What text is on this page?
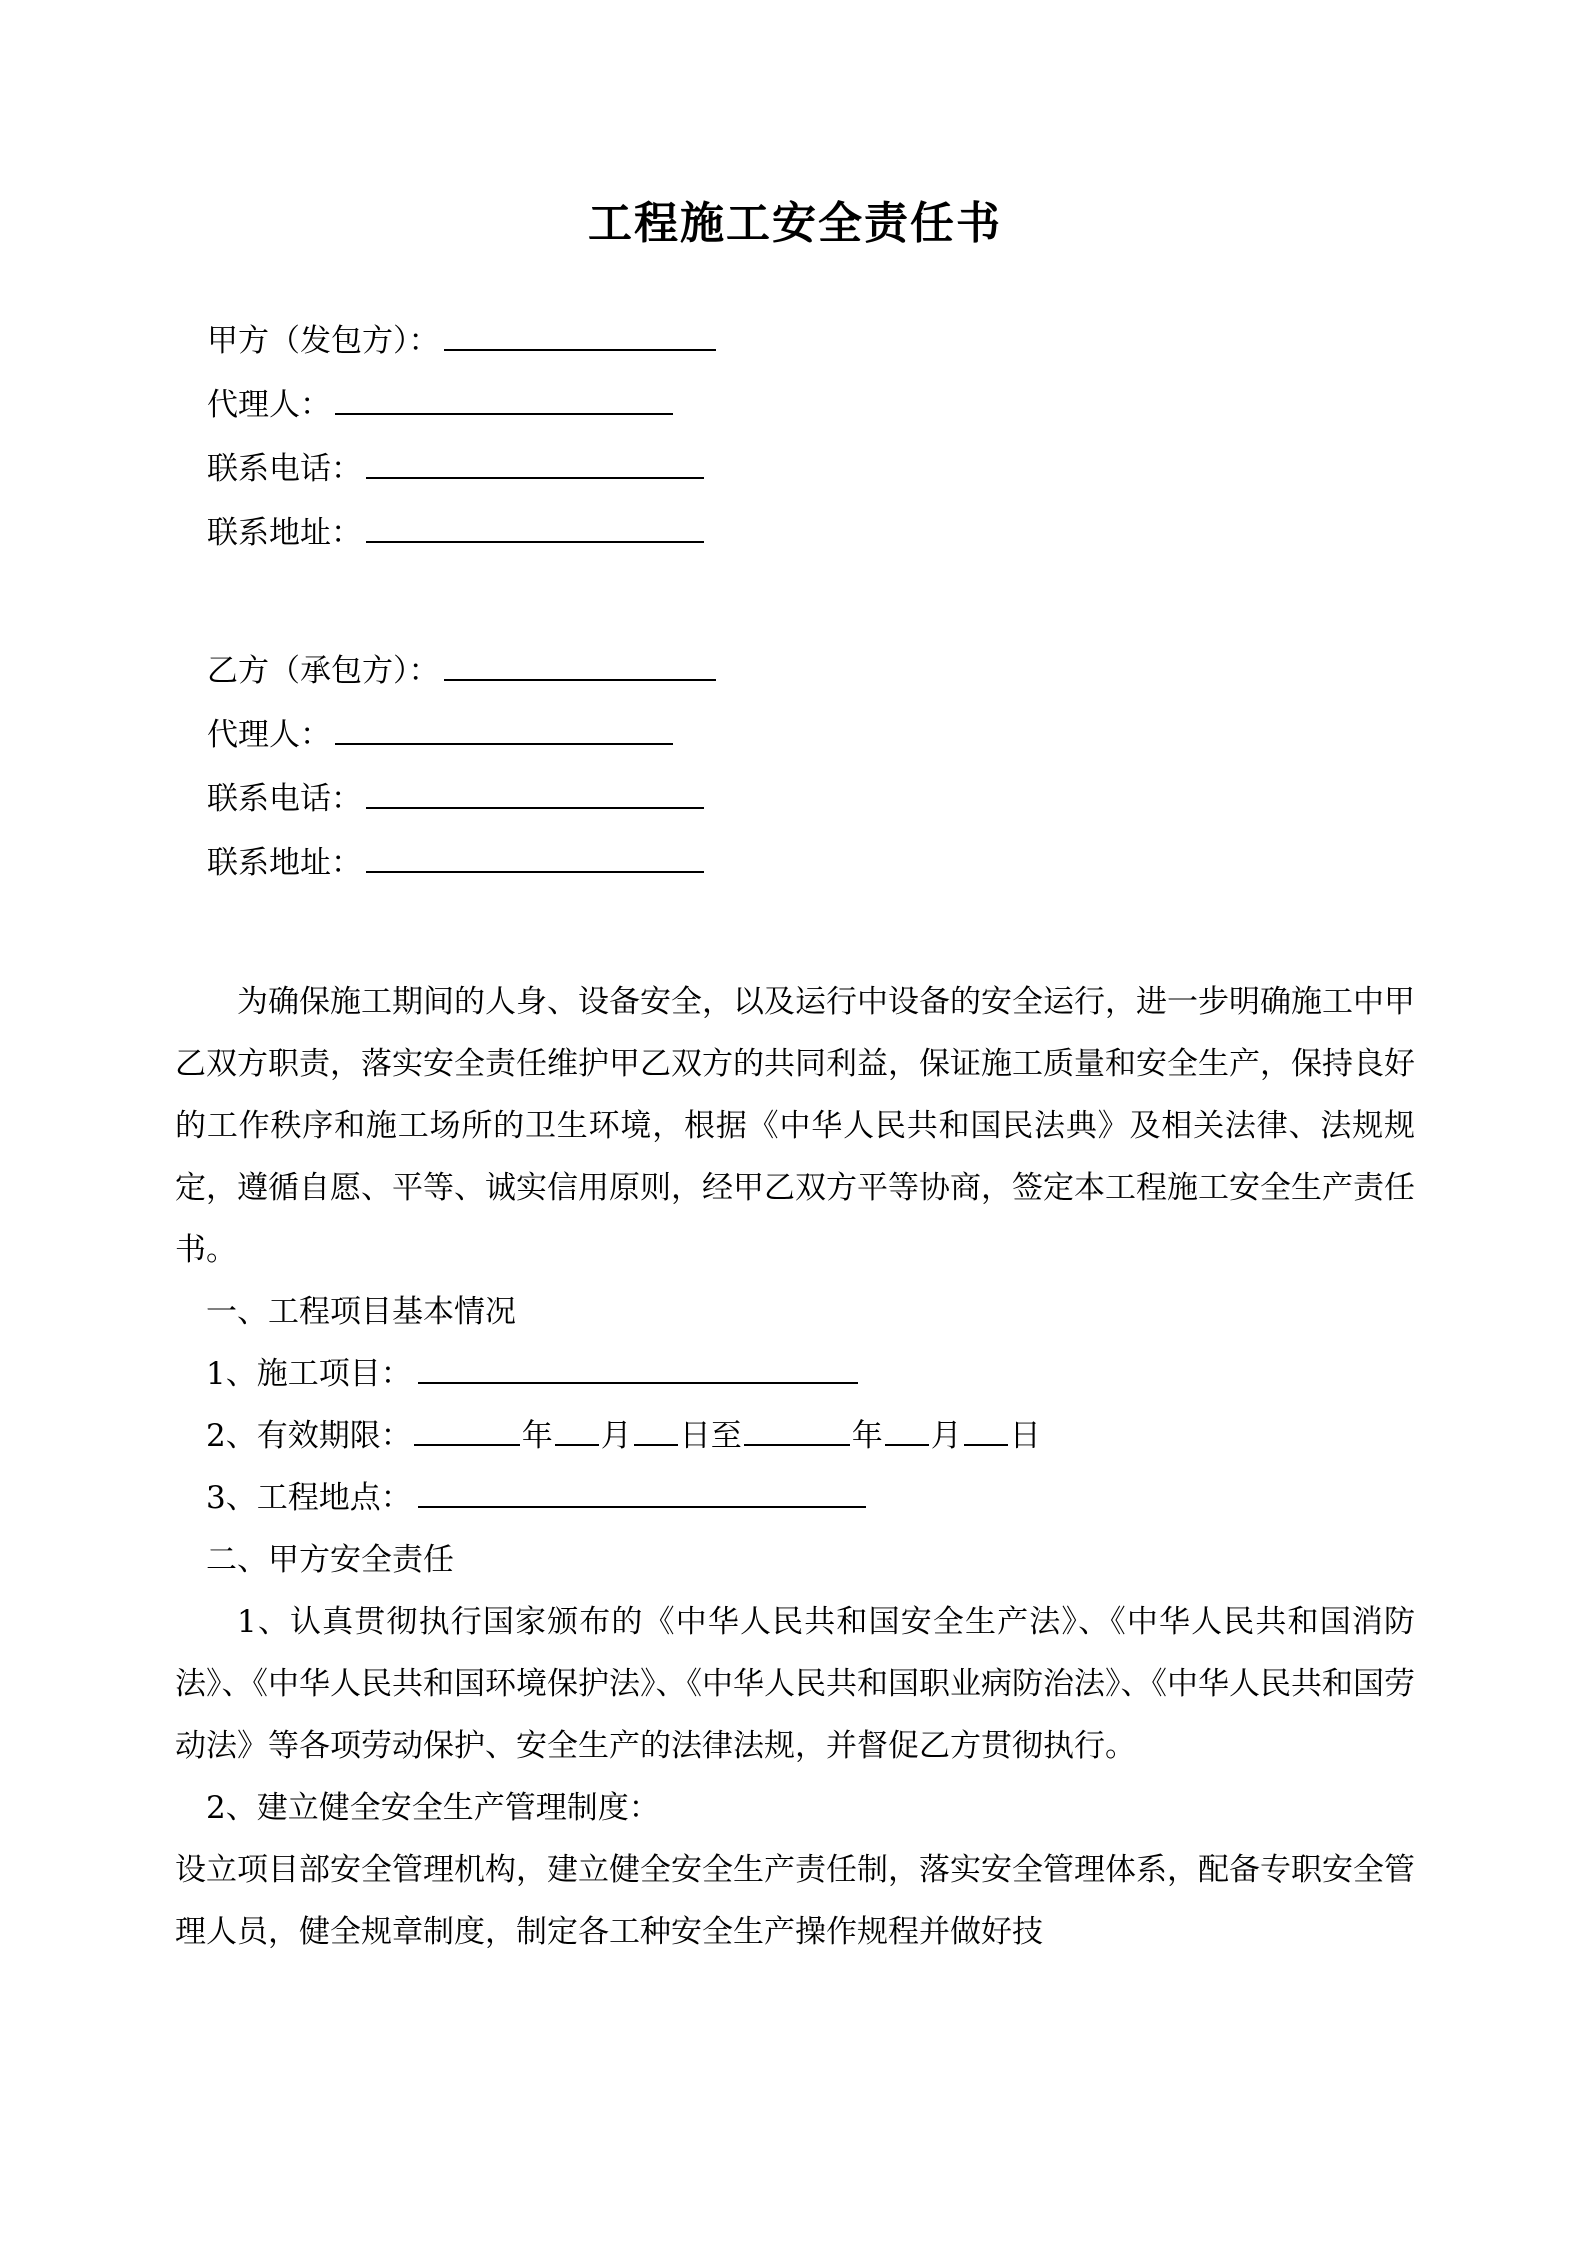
工程施工安全责任书
甲方（发包方）：
代理人：
联系电话：
联系地址：
乙方（承包方）：
代理人：
联系电话：
联系地址：

为确保施工期间的人身、设备安全，以及运行中设备的安全运行，进一步明确施工中甲乙双方职责，落实安全责任维护甲乙双方的共同利益，保证施工质量和安全生产，保持良好的工作秩序和施工场所的卫生环境，根据《中华人民共和国民法典》及相关法律、法规规定，遵循自愿、平等、诚实信用原则，经甲乙双方平等协商，签定本工程施工安全生产责任书。

一、工程项目基本情况

1、施工项目：
2、有效期限：	年 月 日 至	年 月 日
3、工程地点：

二、甲方安全责任

1、认真贯彻执行国家颁布的《中华人民共和国安全生产法》、《中华人民共和国消防法》、《中华人民共和国环境保护法》、《中华人民共和国职业病防治法》、《中华人民共和国劳动法》等各项劳动保护、安全生产的法律法规，并督促乙方贯彻执行。

2、建立健全安全生产管理制度：

设立项目部安全管理机构，建立健全安全生产责任制，落实安全管理体系，配备专职安全管理人员，健全规章制度，制定各工种安全生产操作规程并做好技
